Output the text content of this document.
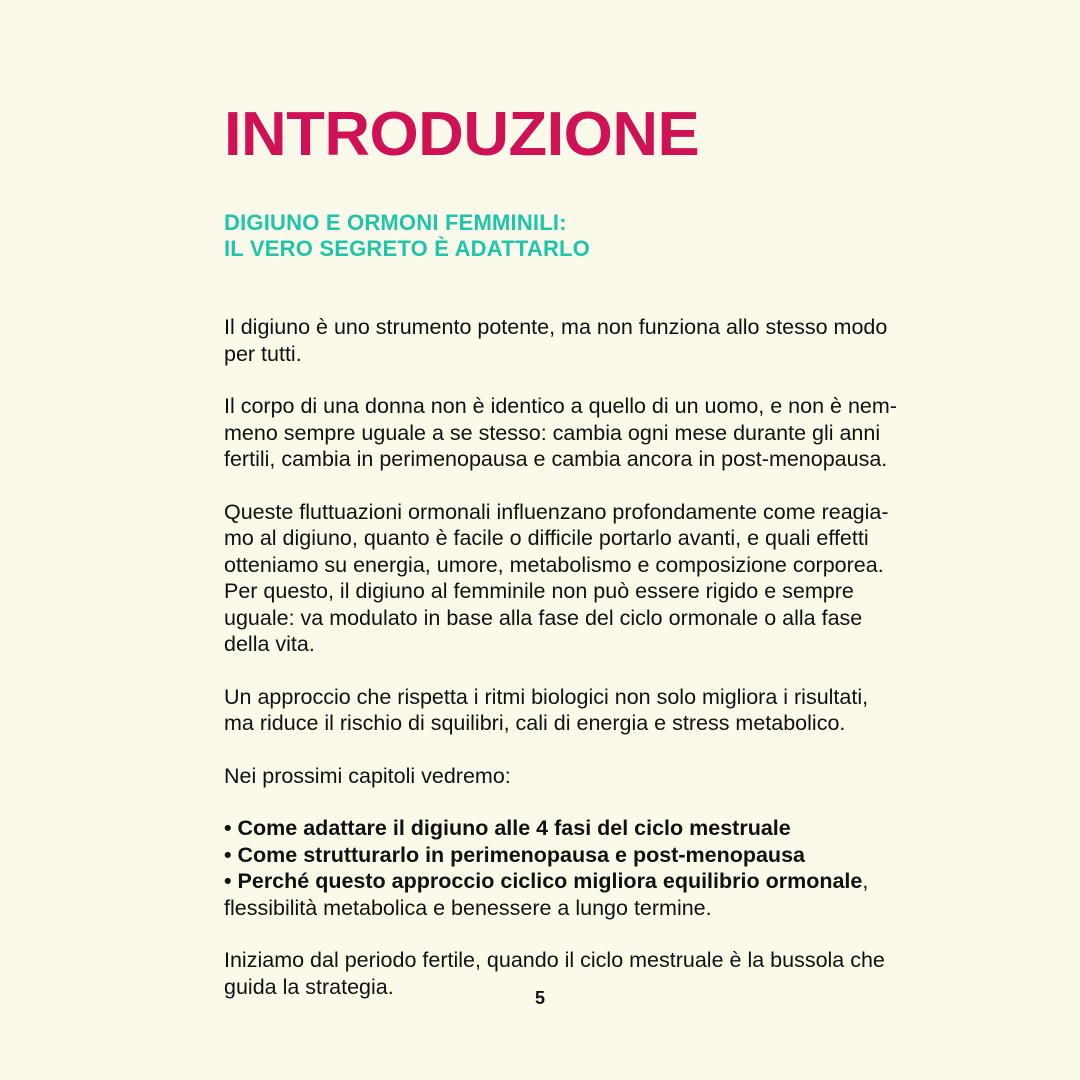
INTRODUZIONE
DIGIUNO E ORMONI FEMMINILI:
IL VERO SEGRETO È ADATTARLO

Il digiuno è uno strumento potente, ma non funziona allo stesso modo
per tutti.

Il corpo di una donna non è identico a quello di un uomo, e non è nem-
meno sempre uguale a se stesso: cambia ogni mese durante gli anni
fertili, cambia in perimenopausa e cambia ancora in post-menopausa.

Queste fluttuazioni ormonali influenzano profondamente come reagia-
mo al digiuno, quanto è facile o difficile portarlo avanti, e quali effetti
otteniamo su energia, umore, metabolismo e composizione corporea.
Per questo, il digiuno al femminile non può essere rigido e sempre
uguale: va modulato in base alla fase del ciclo ormonale o alla fase
della vita.

Un approccio che rispetta i ritmi biologici non solo migliora i risultati,
ma riduce il rischio di squilibri, cali di energia e stress metabolico.

Nei prossimi capitoli vedremo:

• Come adattare il digiuno alle 4 fasi del ciclo mestruale
• Come strutturarlo in perimenopausa e post-menopausa
• Perché questo approccio ciclico migliora equilibrio ormonale,
flessibilità metabolica e benessere a lungo termine.

Iniziamo dal periodo fertile, quando il ciclo mestruale è la bussola che
guida la strategia.	5
